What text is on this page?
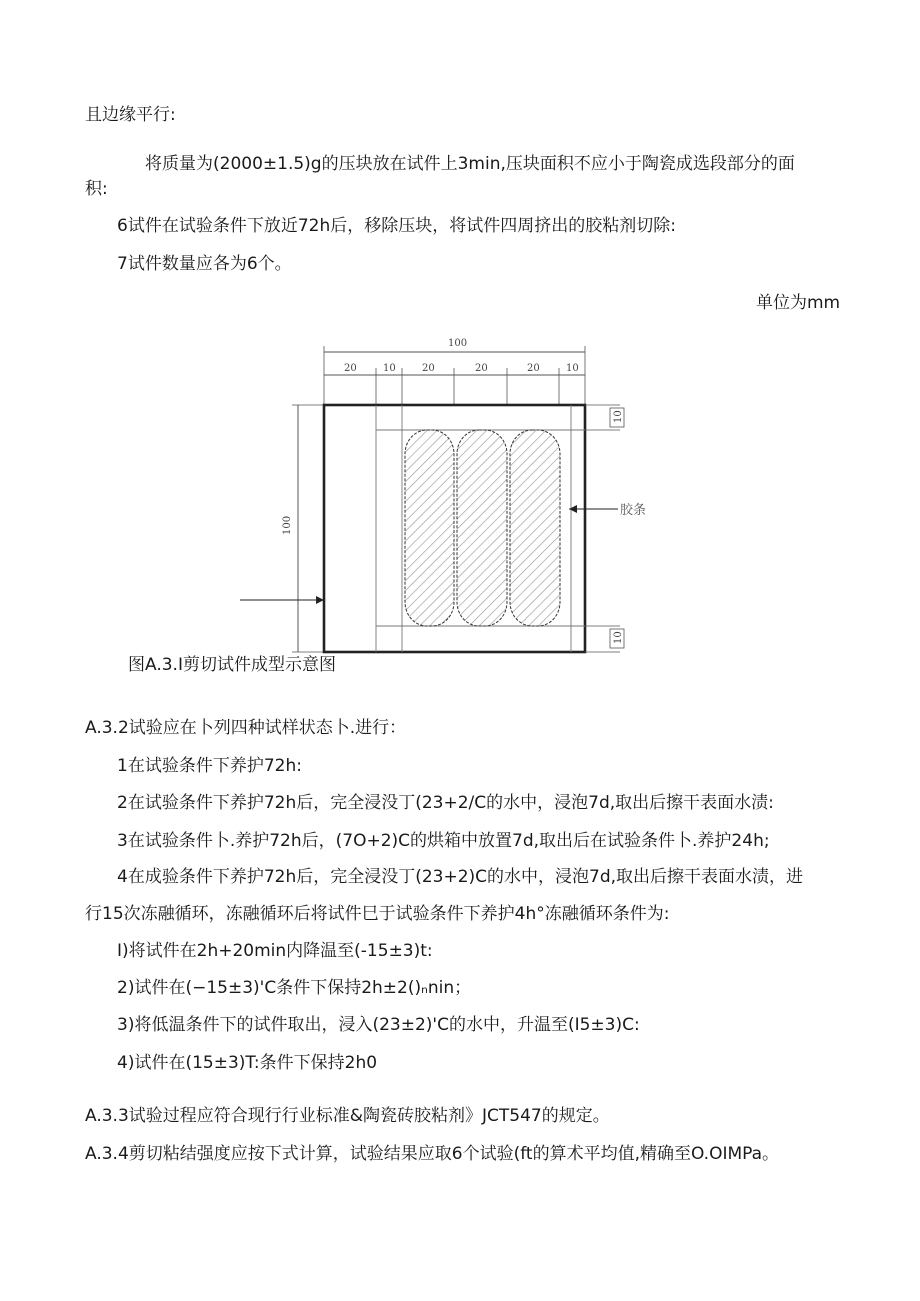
且边缘平行:
将质量为(2000±1.5)g的压块放在试件上3min,压块面积不应小于陶瓷成选段部分的面
积:
6试件在试验条件下放近72h后，移除压块，将试件四周挤出的胶粘剂切除:
7试件数量应各为6个。
单位为mm
100
20	10	20	20	20	10
100
10
10
胶条
图A.3.I剪切试件成型示意图
A.3.2试验应在卜列四种试样状态卜.进行：
1在试验条件下养护72h:
2在试验条件下养护72h后，完全浸没丁(23+2/C的水中，浸泡7d,取出后擦干表面水渍:
3在试验条件卜.养护72h后，(7O+2)C的烘箱中放置7d,取出后在试验条件卜.养护24h;
4在成验条件下养护72h后，完全浸没丁(23+2)C的水中，浸泡7d,取出后擦干表面水渍，进
行15次冻融循环，冻融循环后将试件巳于试验条件下养护4h°冻融循环条件为:
I)将试件在2h+20min内降温至(-15±3)t:
2)试件在(−15±3)'C条件下保持2h±2()ₙnin；
3)将低温条件下的试件取出，浸入(23±2)'C的水中，升温至(I5±3)C:
4)试件在(15±3)T:条件下保持2h0
A.3.3试验过程应符合现行行业标准&陶瓷砖胶粘剂》JCT547的规定。
A.3.4剪切粘结强度应按下式计算，试验结果应取6个试验(ft的算术平均值,精确至O.OIMPa。
